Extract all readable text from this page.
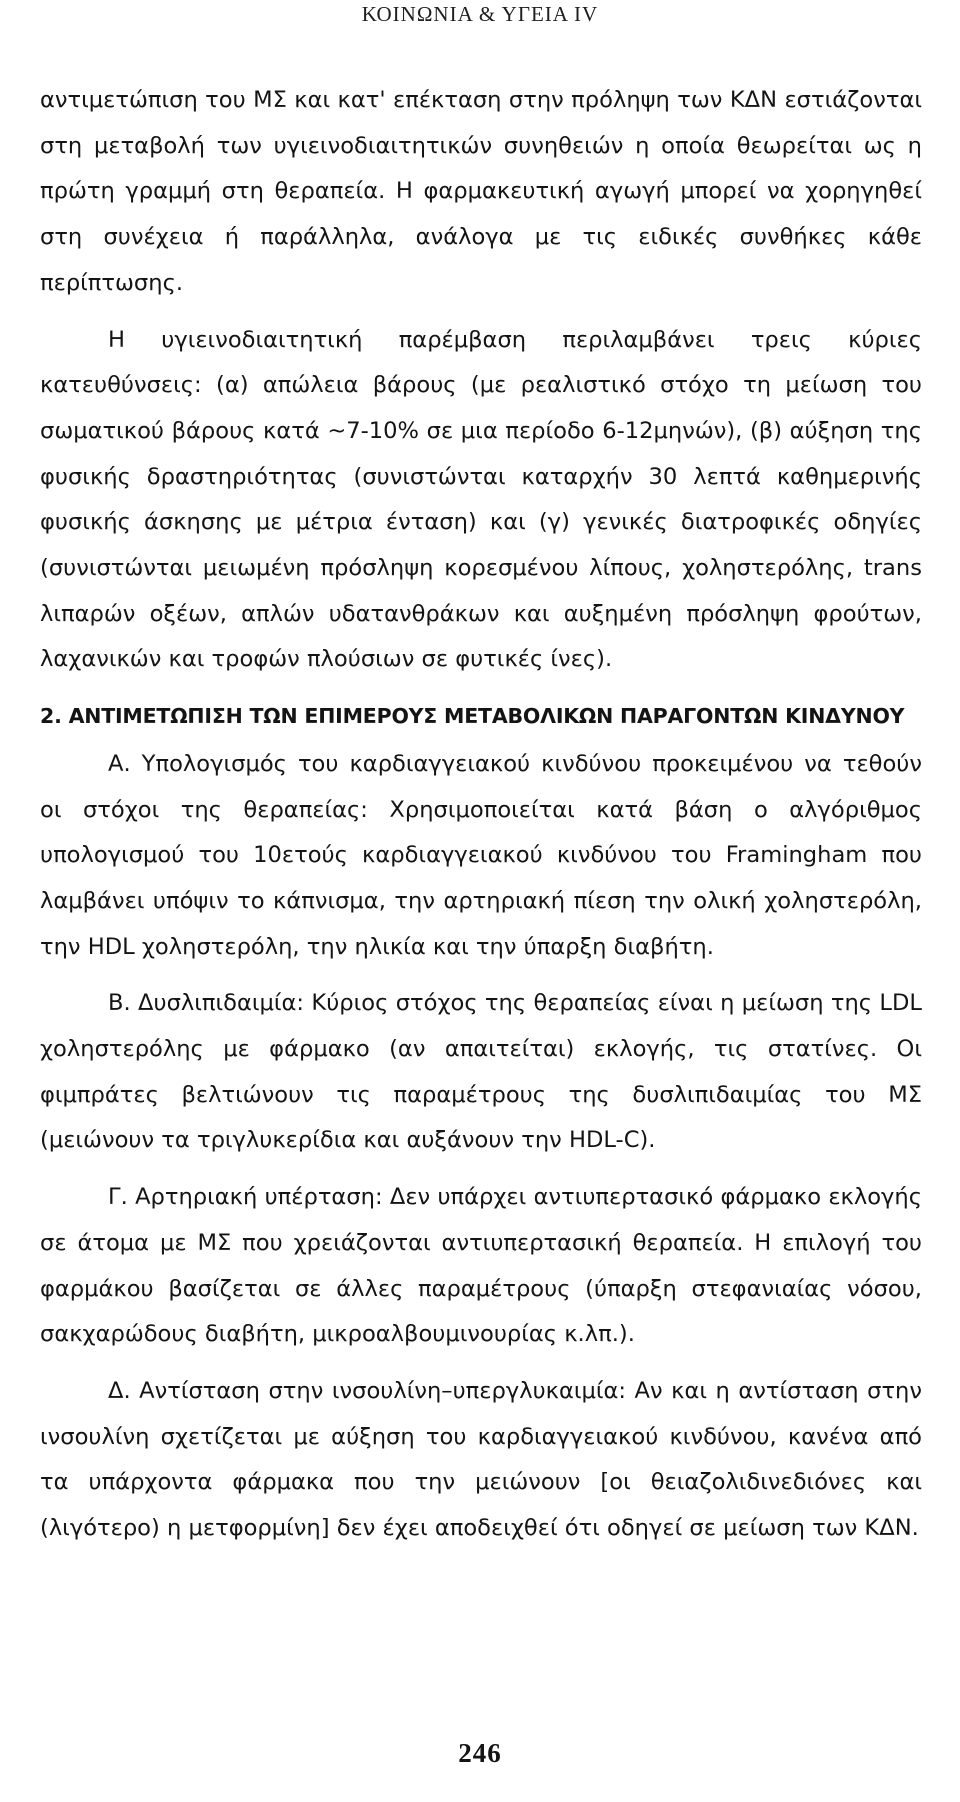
ΚΟΙΝΩΝΙΑ & ΥΓΕΙΑ IV

αντιμετώπιση του ΜΣ και κατ' επέκταση στην πρόληψη των ΚΔΝ εστιάζονται στη μεταβολή των υγιεινοδιαιτητικών συνηθειών η οποία θεωρείται ως η πρώτη γραμμή στη θεραπεία. Η φαρμακευτική αγωγή μπορεί να χορηγηθεί στη συνέχεια ή παράλληλα, ανάλογα με τις ειδικές συνθήκες κάθε περίπτωσης.

Η υγιεινοδιαιτητική παρέμβαση περιλαμβάνει τρεις κύριες κατευθύνσεις: (α) απώλεια βάρους (με ρεαλιστικό στόχο τη μείωση του σωματικού βάρους κατά ~7-10% σε μια περίοδο 6-12μηνών), (β) αύξηση της φυσικής δραστηριότητας (συνιστώνται καταρχήν 30 λεπτά καθημερινής φυσικής άσκησης με μέτρια ένταση) και (γ) γενικές διατροφικές οδηγίες (συνιστώνται μειωμένη πρόσληψη κορεσμένου λίπους, χοληστερόλης, trans λιπαρών οξέων, απλών υδατανθράκων και αυξημένη πρόσληψη φρούτων, λαχανικών και τροφών πλούσιων σε φυτικές ίνες).

2. ΑΝΤΙΜΕΤΩΠΙΣΗ ΤΩΝ ΕΠΙΜΕΡΟΥΣ ΜΕΤΑΒΟΛΙΚΩΝ ΠΑΡΑΓΟΝΤΩΝ ΚΙΝΔΥΝΟΥ

Α. Υπολογισμός του καρδιαγγειακού κινδύνου προκειμένου να τεθούν οι στόχοι της θεραπείας: Χρησιμοποιείται κατά βάση ο αλγόριθμος υπολογισμού του 10ετούς καρδιαγγειακού κινδύνου του Framingham που λαμβάνει υπόψιν το κάπνισμα, την αρτηριακή πίεση την ολική χοληστερόλη, την HDL χοληστερόλη, την ηλικία και την ύπαρξη διαβήτη.

Β. Δυσλιπιδαιμία: Κύριος στόχος της θεραπείας είναι η μείωση της LDL χοληστερόλης με φάρμακο (αν απαιτείται) εκλογής, τις στατίνες. Οι φιμπράτες βελτιώνουν τις παραμέτρους της δυσλιπιδαιμίας του ΜΣ (μειώνουν τα τριγλυκερίδια και αυξάνουν την HDL-C).

Γ. Αρτηριακή υπέρταση: Δεν υπάρχει αντιυπερτασικό φάρμακο εκλογής σε άτομα με ΜΣ που χρειάζονται αντιυπερτασική θεραπεία. Η επιλογή του φαρμάκου βασίζεται σε άλλες παραμέτρους (ύπαρξη στεφανιαίας νόσου, σακχαρώδους διαβήτη, μικροαλβουμινουρίας κ.λπ.).

Δ. Αντίσταση στην ινσουλίνη–υπεργλυκαιμία: Αν και η αντίσταση στην ινσουλίνη σχετίζεται με αύξηση του καρδιαγγειακού κινδύνου, κανένα από τα υπάρχοντα φάρμακα που την μειώνουν [οι θειαζολιδινεδιόνες και (λιγότερο) η μετφορμίνη] δεν έχει αποδειχθεί ότι οδηγεί σε μείωση των ΚΔΝ.

246
